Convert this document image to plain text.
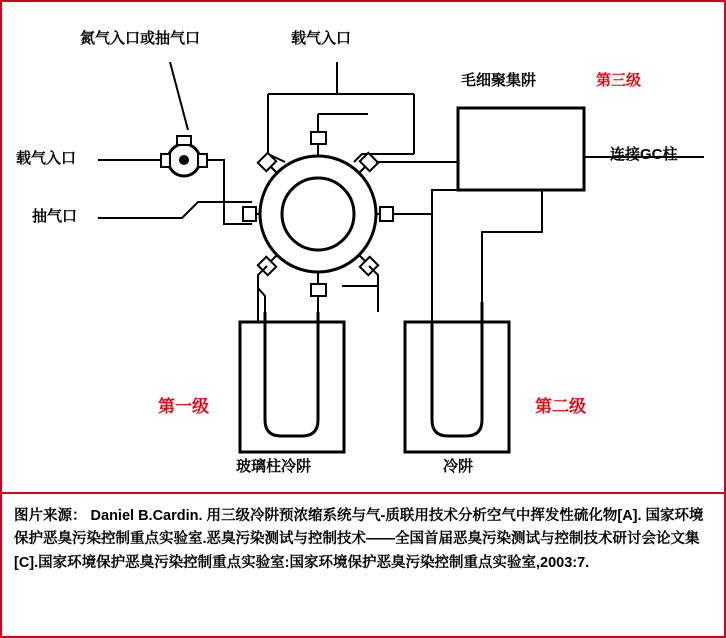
氮气入口或抽气口	载气入口
载气入口
抽气口
毛细聚集阱	第三级
连接GC柱
第一级	第二级
玻璃柱冷阱	冷阱
图片来源： Daniel B.Cardin. 用三级冷阱预浓缩系统与气-质联用技术分析空气中挥发性硫化物[A]. 国家环境保护恶臭污染控制重点实验室.恶臭污染测试与控制技术——全国首届恶臭污染测试与控制技术研讨会论文集[C].国家环境保护恶臭污染控制重点实验室:国家环境保护恶臭污染控制重点实验室,2003:7.
